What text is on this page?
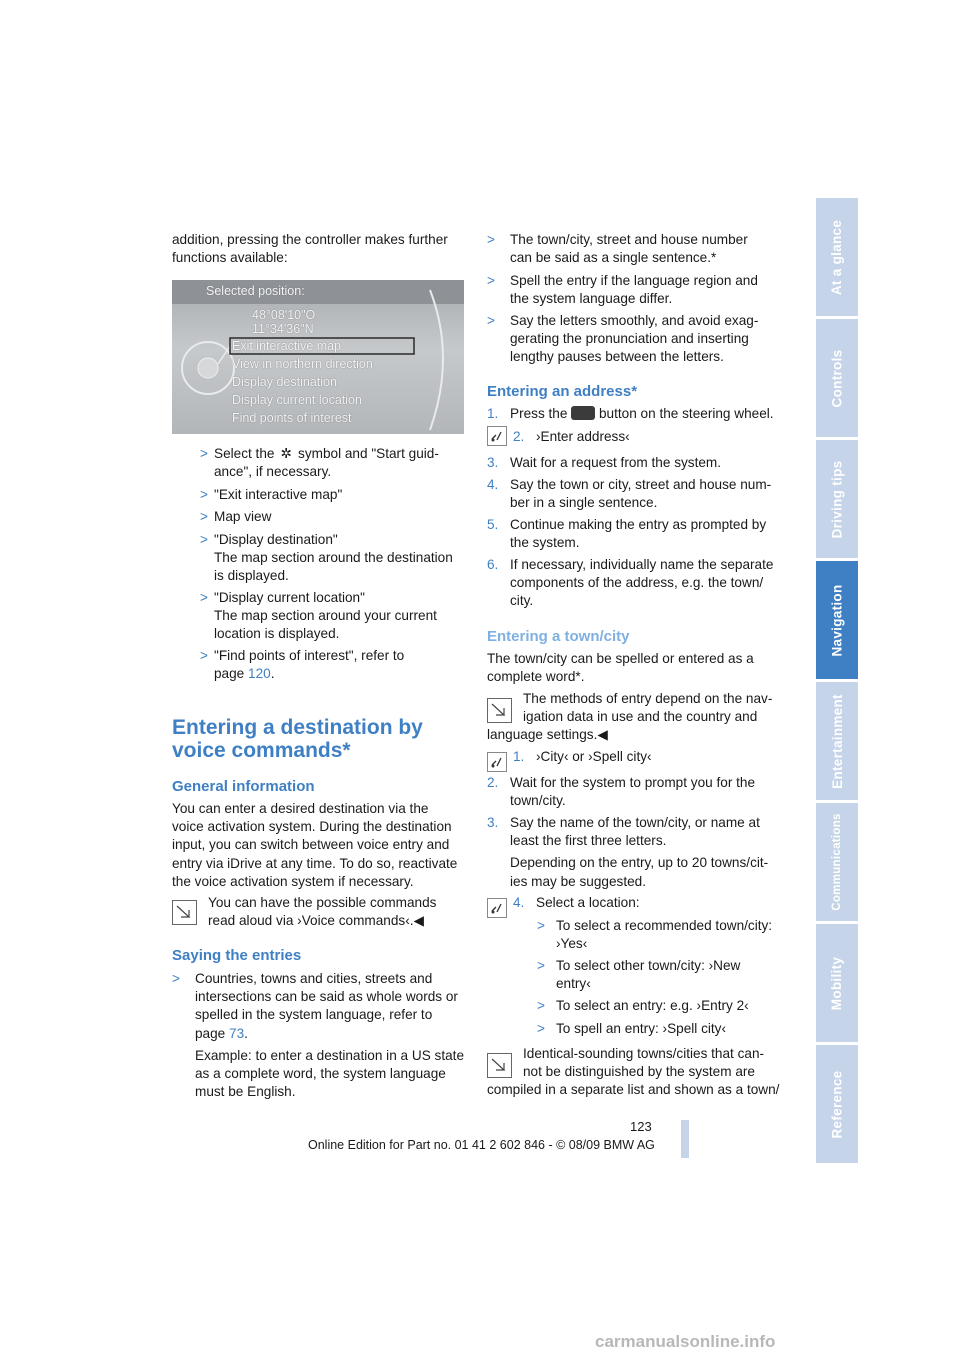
addition, pressing the controller makes further functions available:
Selected position:
48°08'10"O
11°34'36"N
Exit interactive map
View in northern direction
Display destination
Display current location
Find points of interest
> Select the ✲ symbol and "Start guid-
ance", if necessary.
> "Exit interactive map"
> Map view
> "Display destination"
The map section around the destination
is displayed.
> "Display current location"
The map section around your current
location is displayed.
> "Find points of interest", refer to
page 120.
Entering a destination by
voice commands*
General information
You can enter a desired destination via the
voice activation system. During the destination
input, you can switch between voice entry and
entry via iDrive at any time. To do so, reactivate
the voice activation system if necessary.
You can have the possible commands
read aloud via ›Voice commands‹.◀
Saying the entries
> Countries, towns and cities, streets and
intersections can be said as whole words or
spelled in the system language, refer to
page 73.
Example: to enter a destination in a US state
as a complete word, the system language
must be English.
> The town/city, street and house number
can be said as a single sentence.*
> Spell the entry if the language region and
the system language differ.
> Say the letters smoothly, and avoid exag-
gerating the pronunciation and inserting
lengthy pauses between the letters.
Entering an address*
1. Press the button on the steering wheel.
2. ›Enter address‹
3. Wait for a request from the system.
4. Say the town or city, street and house num-
ber in a single sentence.
5. Continue making the entry as prompted by
the system.
6. If necessary, individually name the separate
components of the address, e.g. the town/
city.
Entering a town/city
The town/city can be spelled or entered as a
complete word*.
The methods of entry depend on the nav-
igation data in use and the country and
language settings.◀
1. ›City‹ or ›Spell city‹
2. Wait for the system to prompt you for the
town/city.
3. Say the name of the town/city, or name at
least the first three letters.
Depending on the entry, up to 20 towns/cit-
ies may be suggested.
4. Select a location:
> To select a recommended town/city:
›Yes‹
> To select other town/city: ›New
entry‹
> To select an entry: e.g. ›Entry 2‹
> To spell an entry: ›Spell city‹
Identical-sounding towns/cities that can-
not be distinguished by the system are
compiled in a separate list and shown as a town/
At a glance
Controls
Driving tips
Navigation
Entertainment
Communications
Mobility
Reference
123
Online Edition for Part no. 01 41 2 602 846 - © 08/09 BMW AG
carmanualsonline.info
